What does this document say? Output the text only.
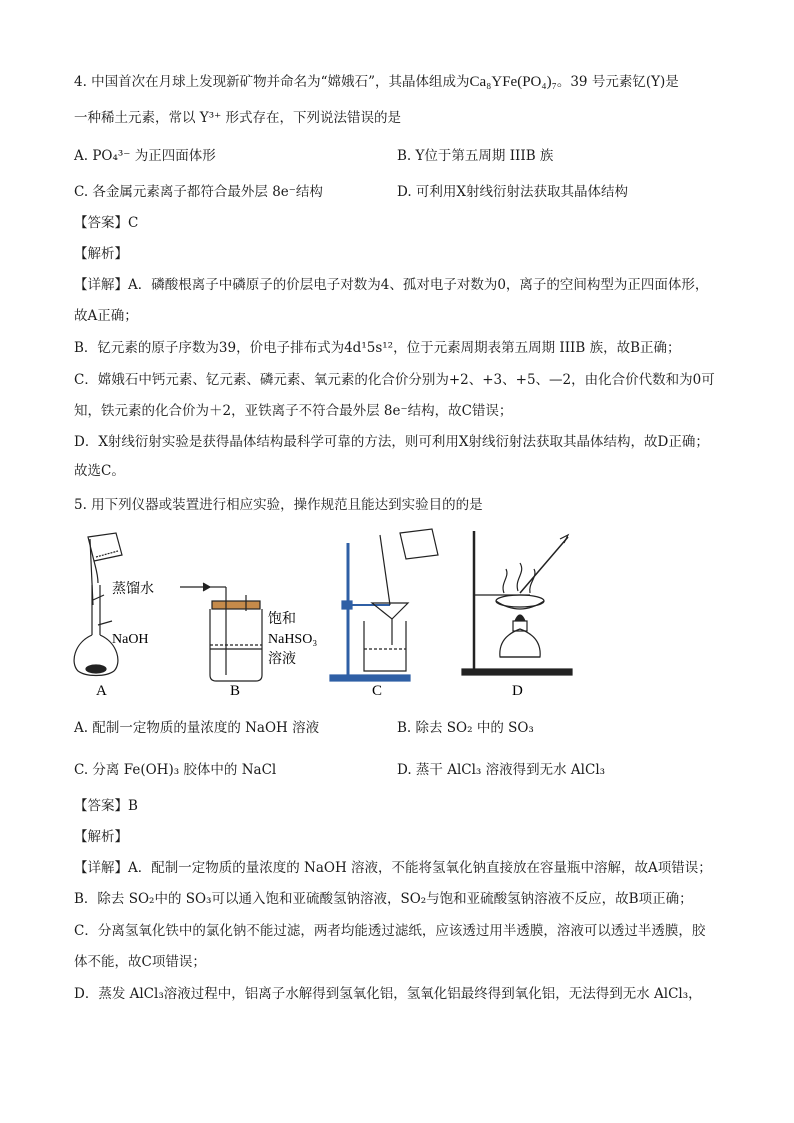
4. 中国首次在月球上发现新矿物并命名为“嫦娥石”，其晶体组成为Ca₈YFe(PO₄)₇。39 号元素钇(Y)是
一种稀土元素，常以 Y³⁺ 形式存在，下列说法错误的是
A. PO₄³⁻ 为正四面体形	B. Y位于第五周期 IIIB 族
C. 各金属元素离子都符合最外层 8e⁻结构	D. 可利用X射线衍射法获取其晶体结构
【答案】C
【解析】
【详解】A．磷酸根离子中磷原子的价层电子对数为4、孤对电子对数为0，离子的空间构型为正四面体形，
故A正确；
B．钇元素的原子序数为39，价电子排布式为4d¹5s¹²，位于元素周期表第五周期 IIIB 族，故B正确；
C．嫦娥石中钙元素、钇元素、磷元素、氧元素的化合价分别为+2、+3、+5、—2，由化合价代数和为0可
知，铁元素的化合价为＋2，亚铁离子不符合最外层 8e⁻结构，故C错误；
D．X射线衍射实验是获得晶体结构最科学可靠的方法，则可利用X射线衍射法获取其晶体结构，故D正确；
故选C。
5. 用下列仪器或装置进行相应实验，操作规范且能达到实验目的的是
蒸馏水
NaOH
饱和
NaHSO₃
溶液
A	B	C	D
A. 配制一定物质的量浓度的 NaOH 溶液	B. 除去 SO₂ 中的 SO₃
C. 分离 Fe(OH)₃ 胶体中的 NaCl	D. 蒸干 AlCl₃ 溶液得到无水 AlCl₃
【答案】B
【解析】
【详解】A．配制一定物质的量浓度的 NaOH 溶液，不能将氢氧化钠直接放在容量瓶中溶解，故A项错误；
B．除去 SO₂中的 SO₃可以通入饱和亚硫酸氢钠溶液，SO₂与饱和亚硫酸氢钠溶液不反应，故B项正确；
C．分离氢氧化铁中的氯化钠不能过滤，两者均能透过滤纸，应该透过用半透膜，溶液可以透过半透膜，胶
体不能，故C项错误；
D．蒸发 AlCl₃溶液过程中，铝离子水解得到氢氧化铝，氢氧化铝最终得到氧化铝，无法得到无水 AlCl₃，
